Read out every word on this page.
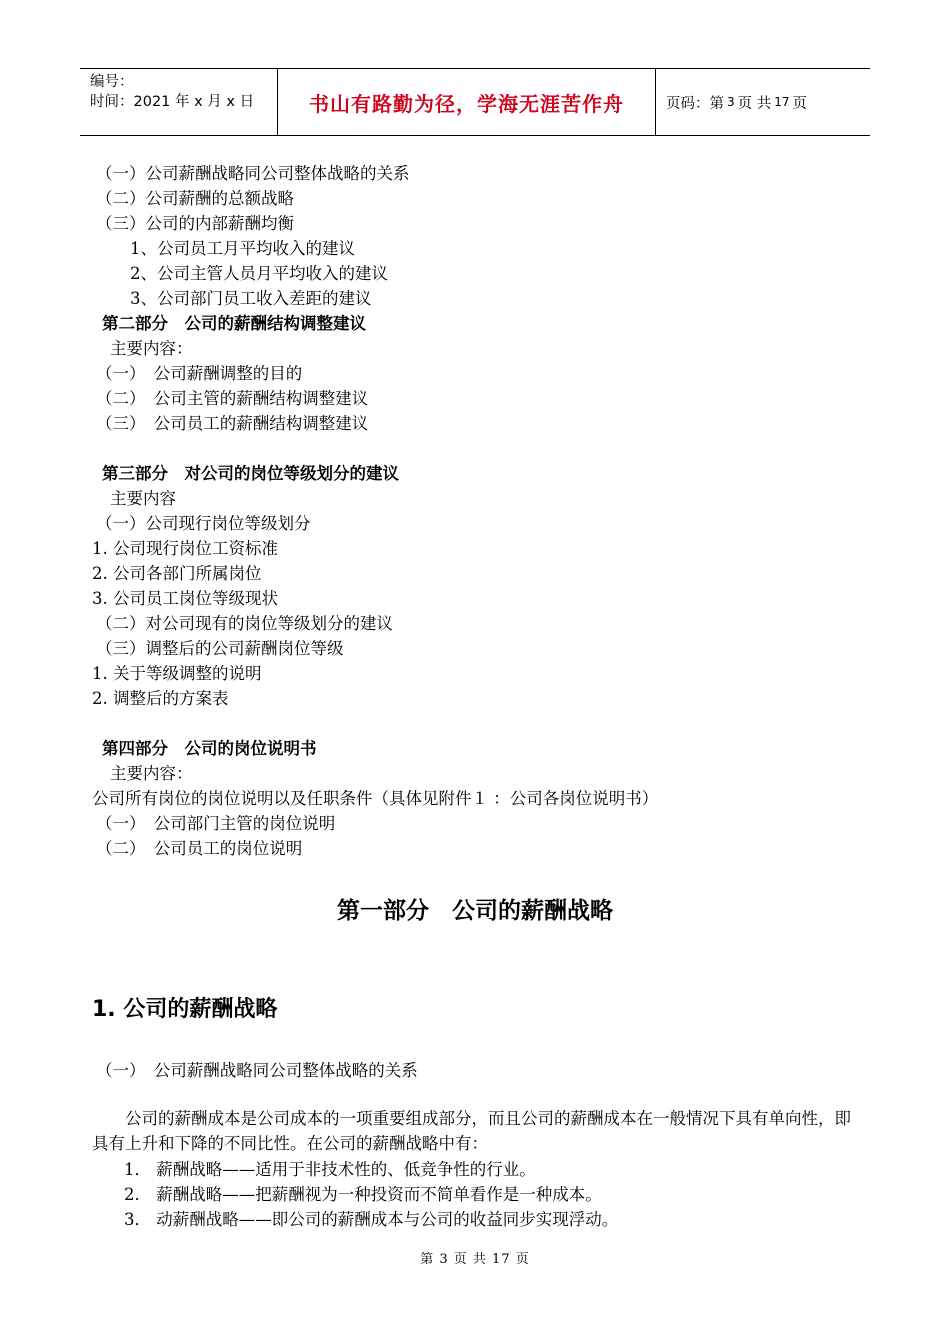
编号：
时间：2021 年 x 月 x 日	书山有路勤为径，学海无涯苦作舟	页码：第 3 页 共 17 页
（一）公司薪酬战略同公司整体战略的关系
（二）公司薪酬的总额战略
（三）公司的内部薪酬均衡
1、公司员工月平均收入的建议
2、公司主管人员月平均收入的建议
3、公司部门员工收入差距的建议
第二部分　公司的薪酬结构调整建议
主要内容：
（一）　公司薪酬调整的目的
（二）　公司主管的薪酬结构调整建议
（三）　公司员工的薪酬结构调整建议
第三部分　对公司的岗位等级划分的建议
主要内容
（一）公司现行岗位等级划分
1. 公司现行岗位工资标准
2. 公司各部门所属岗位
3. 公司员工岗位等级现状
（二）对公司现有的岗位等级划分的建议
（三）调整后的公司薪酬岗位等级
1. 关于等级调整的说明
2. 调整后的方案表
第四部分　公司的岗位说明书
主要内容：
公司所有岗位的岗位说明以及任职条件（具体见附件１ ：公司各岗位说明书）
（一）　公司部门主管的岗位说明
（二）　公司员工的岗位说明
第一部分　公司的薪酬战略
1. 公司的薪酬战略
（一）　公司薪酬战略同公司整体战略的关系
公司的薪酬成本是公司成本的一项重要组成部分，而且公司的薪酬成本在一般情况下具有单向性，即具有上升和下降的不同比性。在公司的薪酬战略中有：
1． 薪酬战略——适用于非技术性的、低竞争性的行业。
2． 薪酬战略——把薪酬视为一种投资而不简单看作是一种成本。
3． 动薪酬战略——即公司的薪酬成本与公司的收益同步实现浮动。
第 3 页 共 17 页
